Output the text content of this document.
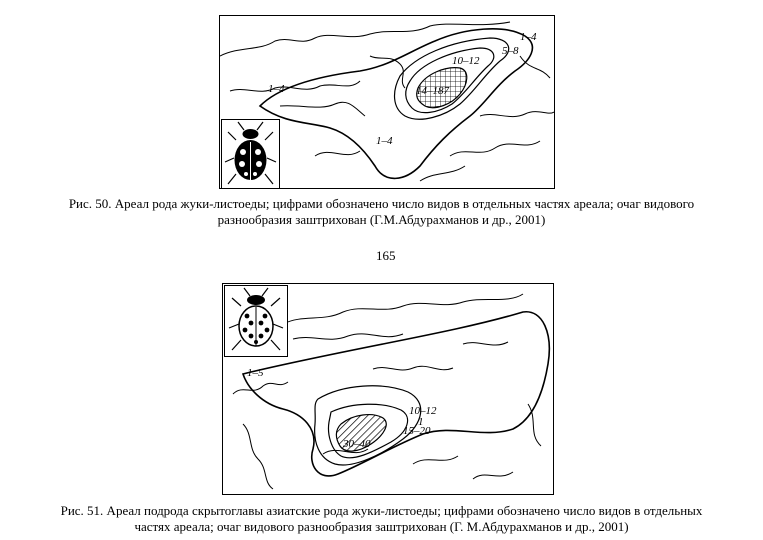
1–4
5–8
10–12
14–187
1–4
1–4
Рис. 50. Ареал рода жуки-листоеды; цифрами обозначено число видов в отдельных частях ареала; очаг видового
разнообразия заштрихован (Г.М.Абдурахманов и др., 2001)
165
1–5
10–12
1
15–20
30–40
Рис. 51. Ареал подрода скрытоглавы азиатские рода жуки-листоеды; цифрами обозначено число видов в отдельных
частях ареала; очаг видового разнообразия заштрихован (Г. М.Абдурахманов и др., 2001)
